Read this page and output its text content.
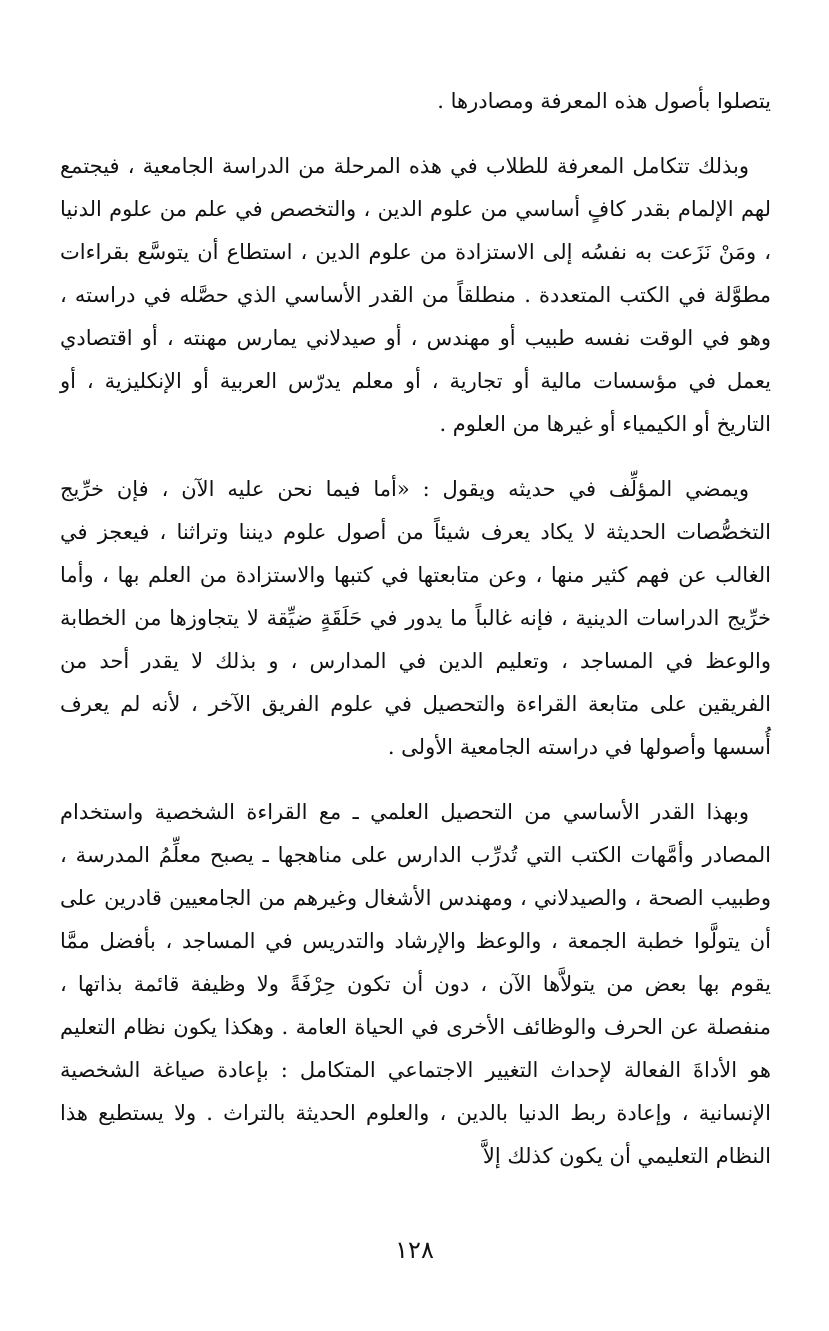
يتصلوا بأصول هذه المعرفة ومصادرها .

وبذلك تتكامل المعرفة للطلاب في هذه المرحلة من الدراسة الجامعية ، فيجتمع لهم الإلمام بقدر كافٍ أساسي من علوم الدين ، والتخصص في علم من علوم الدنيا ، ومَنْ نَزَعت به نفسُه إلى الاستزادة من علوم الدين ، استطاع أن يتوسَّع بقراءات مطوَّلة في الكتب المتعددة . منطلقاً من القدر الأساسي الذي حصَّله في دراسته ، وهو في الوقت نفسه طبيب أو مهندس ، أو صيدلاني يمارس مهنته ، أو اقتصادي يعمل في مؤسسات مالية أو تجارية ، أو معلم يدرّس العربية أو الإنكليزية ، أو التاريخ أو الكيمياء أو غيرها من العلوم .

ويمضي المؤلِّف في حديثه ويقول : «أما فيما نحن عليه الآن ، فإن خرِّيج التخصُّصات الحديثة لا يكاد يعرف شيئاً من أصول علوم ديننا وتراثنا ، فيعجز في الغالب عن فهم كثير منها ، وعن متابعتها في كتبها والاستزادة من العلم بها ، وأما خرِّيج الدراسات الدينية ، فإنه غالباً ما يدور في حَلَقَةٍ ضيِّقة لا يتجاوزها من الخطابة والوعظ في المساجد ، وتعليم الدين في المدارس ، و بذلك لا يقدر أحد من الفريقين على متابعة القراءة والتحصيل في علوم الفريق الآخر ، لأنه لم يعرف أُسسها وأصولها في دراسته الجامعية الأولى .

وبهذا القدر الأساسي من التحصيل العلمي ـ مع القراءة الشخصية واستخدام المصادر وأمَّهات الكتب التي تُدرِّب الدارس على مناهجها ـ يصبح معلِّمُ المدرسة ، وطبيب الصحة ، والصيدلاني ، ومهندس الأشغال وغيرهم من الجامعيين قادرين على أن يتولَّوا خطبة الجمعة ، والوعظ والإرشاد والتدريس في المساجد ، بأفضل ممَّا يقوم بها بعض من يتولاَّها الآن ، دون أن تكون حِرْفَةً ولا وظيفة قائمة بذاتها ، منفصلة عن الحرف والوظائف الأخرى في الحياة العامة . وهكذا يكون نظام التعليم هو الأداةَ الفعالة لإحداث التغيير الاجتماعي المتكامل : بإعادة صياغة الشخصية الإنسانية ، وإعادة ربط الدنيا بالدين ، والعلوم الحديثة بالتراث . ولا يستطيع هذا النظام التعليمي أن يكون كذلك إلاَّ

١٢٨
